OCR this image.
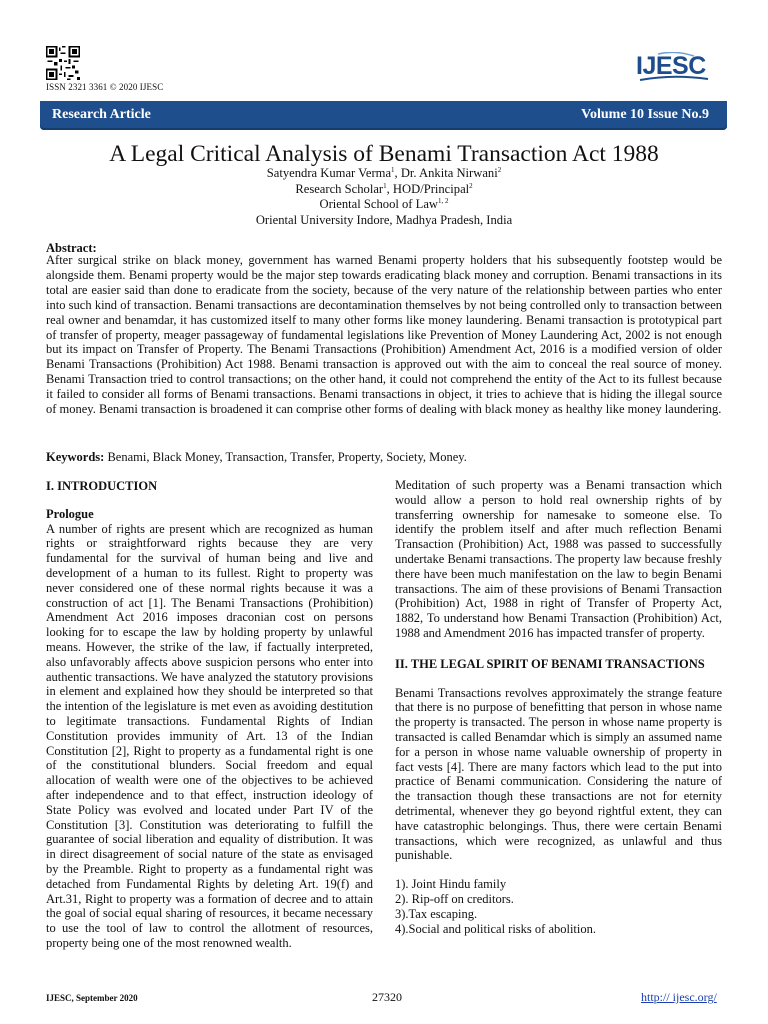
ISSN 2321 3361 © 2020 IJESC
IJESC
Research Article	Volume 10 Issue No.9
A Legal Critical Analysis of Benami Transaction Act 1988
Satyendra Kumar Verma$^1$, Dr. Ankita Nirwani$^2$
Research Scholar$^1$, HOD/Principal$^2$
Oriental School of Law$^{1, 2}$
Oriental University Indore, Madhya Pradesh, India
Abstract:
After surgical strike on black money, government has warned Benami property holders that his subsequently footstep would be alongside them. Benami property would be the major step towards eradicating black money and corruption. Benami transactions in its total are easier said than done to eradicate from the society, because of the very nature of the relationship between parties who enter into such kind of transaction. Benami transactions are decontamination themselves by not being controlled only to transaction between real owner and benamdar, it has customized itself to many other forms like money laundering. Benami transaction is prototypical part of transfer of property, meager passageway of fundamental legislations like Prevention of Money Laundering Act, 2002 is not enough but its impact on Transfer of Property. The Benami Transactions (Prohibition) Amendment Act, 2016 is a modified version of older Benami Transactions (Prohibition) Act 1988. Benami transaction is approved out with the aim to conceal the real source of money. Benami Transaction tried to control transactions; on the other hand, it could not comprehend the entity of the Act to its fullest because it failed to consider all forms of Benami transactions. Benami transactions in object, it tries to achieve that is hiding the illegal source of money. Benami transaction is broadened it can comprise other forms of dealing with black money as healthy like money laundering.
Keywords: Benami, Black Money, Transaction, Transfer, Property, Society, Money.
I. INTRODUCTION
Prologue
A number of rights are present which are recognized as human rights or straightforward rights because they are very fundamental for the survival of human being and live and development of a human to its fullest. Right to property was never considered one of these normal rights because it was a construction of act [1]. The Benami Transactions (Prohibition) Amendment Act 2016 imposes draconian cost on persons looking for to escape the law by holding property by unlawful means. However, the strike of the law, if factually interpreted, also unfavorably affects above suspicion persons who enter into authentic transactions. We have analyzed the statutory provisions in element and explained how they should be interpreted so that the intention of the legislature is met even as avoiding destitution to legitimate transactions. Fundamental Rights of Indian Constitution provides immunity of Art. 13 of the Indian Constitution [2], Right to property as a fundamental right is one of the constitutional blunders. Social freedom and equal allocation of wealth were one of the objectives to be achieved after independence and to that effect, instruction ideology of State Policy was evolved and located under Part IV of the Constitution [3]. Constitution was deteriorating to fulfill the guarantee of social liberation and equality of distribution. It was in direct disagreement of social nature of the state as envisaged by the Preamble. Right to property as a fundamental right was detached from Fundamental Rights by deleting Art. 19(f) and Art.31, Right to property was a formation of decree and to attain the goal of social equal sharing of resources, it became necessary to use the tool of law to control the allotment of resources, property being one of the most renowned wealth.
Meditation of such property was a Benami transaction which would allow a person to hold real ownership rights of by transferring ownership for namesake to someone else. To identify the problem itself and after much reflection Benami Transaction (Prohibition) Act, 1988 was passed to successfully undertake Benami transactions. The property law because freshly there have been much manifestation on the law to begin Benami transactions. The aim of these provisions of Benami Transaction (Prohibition) Act, 1988 in right of Transfer of Property Act, 1882, To understand how Benami Transaction (Prohibition) Act, 1988 and Amendment 2016 has impacted transfer of property.
II. THE LEGAL SPIRIT OF BENAMI TRANSACTIONS
Benami Transactions revolves approximately the strange feature that there is no purpose of benefitting that person in whose name the property is transacted. The person in whose name property is transacted is called Benamdar which is simply an assumed name for a person in whose name valuable ownership of property in fact vests [4]. There are many factors which lead to the put into practice of Benami communication. Considering the nature of the transaction though these transactions are not for eternity detrimental, whenever they go beyond rightful extent, they can have catastrophic belongings. Thus, there were certain Benami transactions, which were recognized, as unlawful and thus punishable.
1). Joint Hindu family
2). Rip-off on creditors.
3).Tax escaping.
4).Social and political risks of abolition.
IJESC, September 2020	27320	http:// ijesc.org/
